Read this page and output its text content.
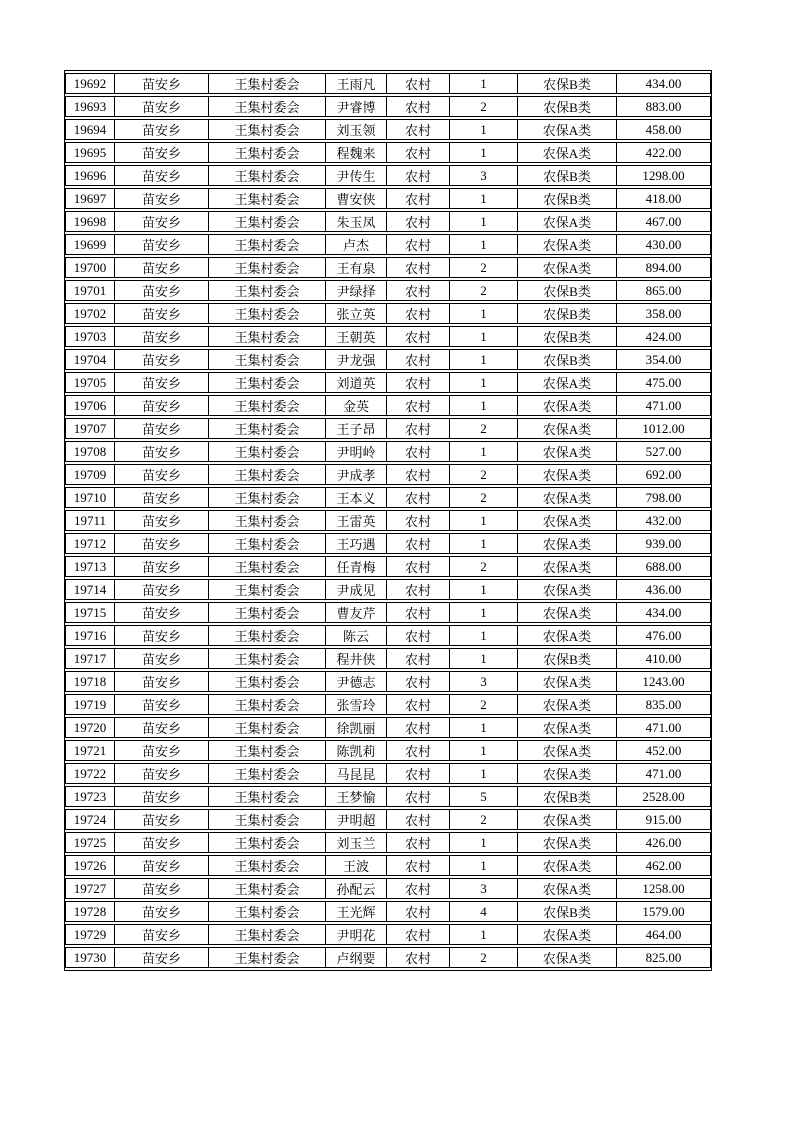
19692	苗安乡	王集村委会	王雨凡	农村	1	农保B类	434.00
19693	苗安乡	王集村委会	尹睿博	农村	2	农保B类	883.00
19694	苗安乡	王集村委会	刘玉领	农村	1	农保A类	458.00
19695	苗安乡	王集村委会	程魏来	农村	1	农保A类	422.00
19696	苗安乡	王集村委会	尹传生	农村	3	农保B类	1298.00
19697	苗安乡	王集村委会	曹安侠	农村	1	农保B类	418.00
19698	苗安乡	王集村委会	朱玉凤	农村	1	农保A类	467.00
19699	苗安乡	王集村委会	卢杰	农村	1	农保A类	430.00
19700	苗安乡	王集村委会	王有泉	农村	2	农保A类	894.00
19701	苗安乡	王集村委会	尹绿择	农村	2	农保B类	865.00
19702	苗安乡	王集村委会	张立英	农村	1	农保B类	358.00
19703	苗安乡	王集村委会	王朝英	农村	1	农保B类	424.00
19704	苗安乡	王集村委会	尹龙强	农村	1	农保B类	354.00
19705	苗安乡	王集村委会	刘道英	农村	1	农保A类	475.00
19706	苗安乡	王集村委会	金英	农村	1	农保A类	471.00
19707	苗安乡	王集村委会	王子昂	农村	2	农保A类	1012.00
19708	苗安乡	王集村委会	尹明岭	农村	1	农保A类	527.00
19709	苗安乡	王集村委会	尹成孝	农村	2	农保A类	692.00
19710	苗安乡	王集村委会	王本义	农村	2	农保A类	798.00
19711	苗安乡	王集村委会	王雷英	农村	1	农保A类	432.00
19712	苗安乡	王集村委会	王巧遇	农村	1	农保A类	939.00
19713	苗安乡	王集村委会	任青梅	农村	2	农保A类	688.00
19714	苗安乡	王集村委会	尹成见	农村	1	农保A类	436.00
19715	苗安乡	王集村委会	曹友芹	农村	1	农保A类	434.00
19716	苗安乡	王集村委会	陈云	农村	1	农保A类	476.00
19717	苗安乡	王集村委会	程井侠	农村	1	农保B类	410.00
19718	苗安乡	王集村委会	尹德志	农村	3	农保A类	1243.00
19719	苗安乡	王集村委会	张雪玲	农村	2	农保A类	835.00
19720	苗安乡	王集村委会	徐凯丽	农村	1	农保A类	471.00
19721	苗安乡	王集村委会	陈凯莉	农村	1	农保A类	452.00
19722	苗安乡	王集村委会	马昆昆	农村	1	农保A类	471.00
19723	苗安乡	王集村委会	王梦愉	农村	5	农保B类	2528.00
19724	苗安乡	王集村委会	尹明超	农村	2	农保A类	915.00
19725	苗安乡	王集村委会	刘玉兰	农村	1	农保A类	426.00
19726	苗安乡	王集村委会	王波	农村	1	农保A类	462.00
19727	苗安乡	王集村委会	孙配云	农村	3	农保A类	1258.00
19728	苗安乡	王集村委会	王光辉	农村	4	农保B类	1579.00
19729	苗安乡	王集村委会	尹明花	农村	1	农保A类	464.00
19730	苗安乡	王集村委会	卢纲要	农村	2	农保A类	825.00
